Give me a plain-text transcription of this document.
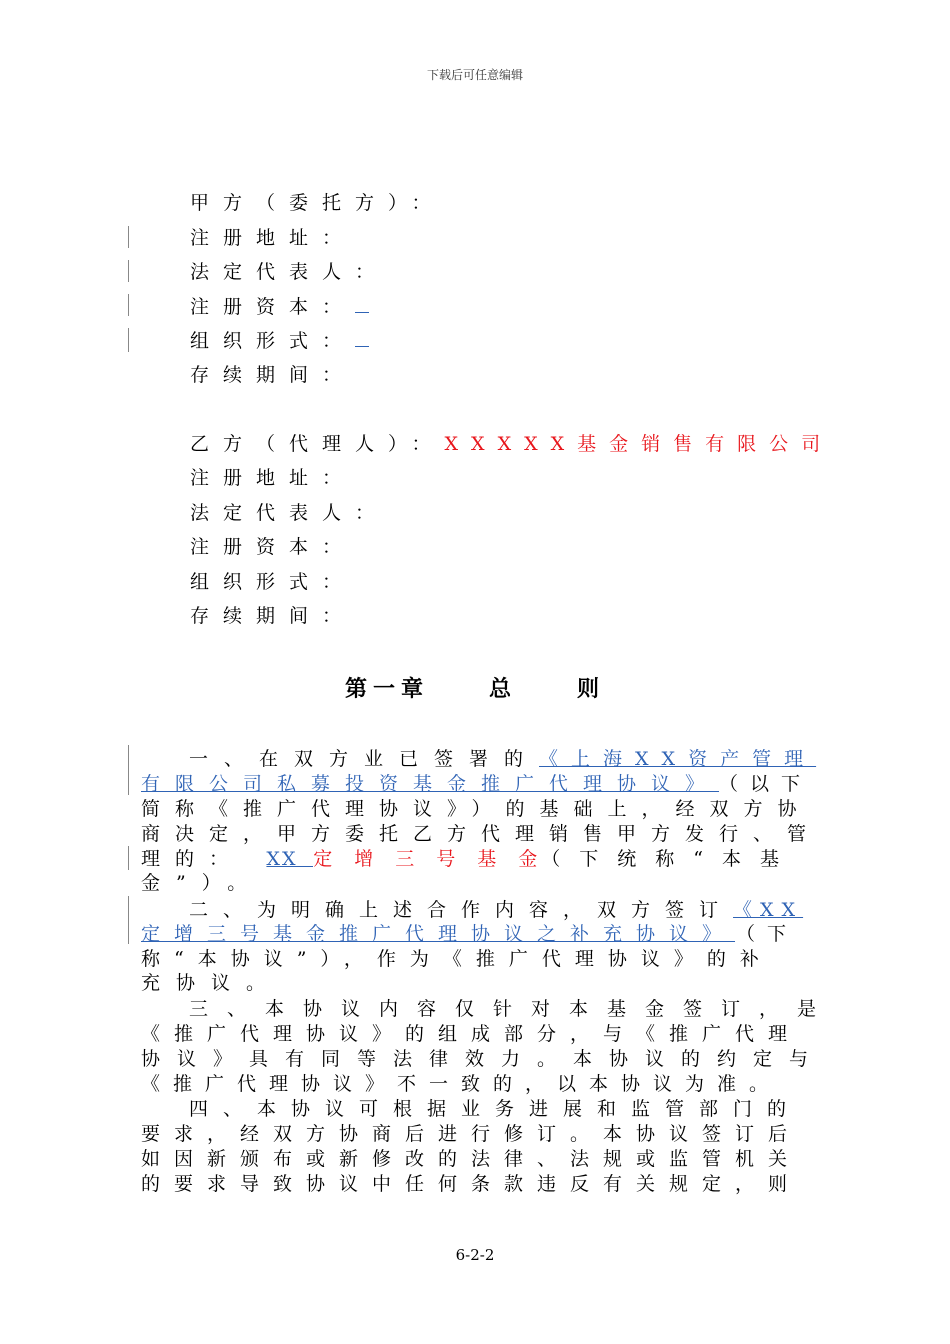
下载后可任意编辑
甲方（委托方）：
注册地址：
法定代表人：
注册资本：
组织形式：
存续期间：
乙方（代理人）：XXXXX基金销售有限公司
注册地址：
法定代表人：
注册资本：
组织形式：
存续期间：
第一章	总	则
一、在双方业已签署的 《上海XX资产管理
有限公司私募投资基金推广代理协议》 （以下
简称《推广代理协议》）的基础上，经双方协
商决定，甲方委托乙方代理销售甲方发行、管
理的：	XX 定增三号基金
（下统称“本基
金”）。
二、为明确上述合作内容，双方签订 《XX
定增三号基金推广代理协议之补充协议》 （下
称“本协议”），作为《推广代理协议》的补
充协议。
三、本协议内容仅针对本基金签订，是
《推广代理协议》的组成部分，与《推广代理
协议》具有同等法律效力。本协议的约定与
《推广代理协议》不一致的，以本协议为准。
四、本协议可根据业务进展和监管部门的
要求，经双方协商后进行修订。本协议签订后
如因新颁布或新修改的法律、法规或监管机关
的要求导致协议中任何条款违反有关规定，则
6-2-2
